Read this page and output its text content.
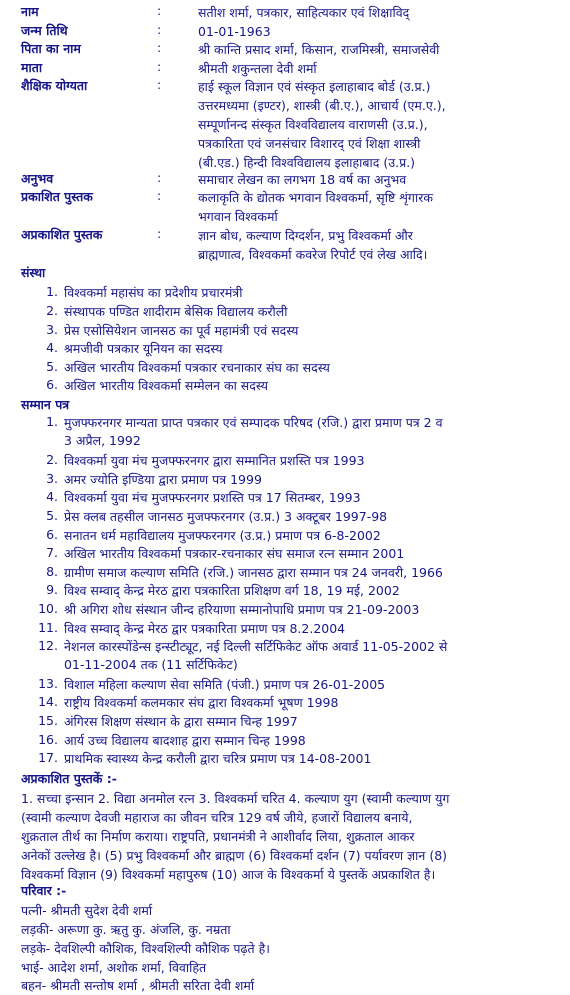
नाम	:	सतीश शर्मा, पत्रकार, साहित्यकार एवं शिक्षाविद्
जन्म तिथि	:	01-01-1963
पिता का नाम	:	श्री कान्ति प्रसाद शर्मा, किसान, राजमिस्त्री, समाजसेवी
माता	:	श्रीमती शकुन्तला देवी शर्मा
शैक्षिक योग्यता	:	हाई स्कूल विज्ञान एवं संस्कृत इलाहाबाद बोर्ड (उ.प्र.)
उत्तरमध्यमा (इण्टर), शास्त्री (बी.ए.), आचार्य (एम.ए.),
सम्पूर्णानन्द संस्कृत विश्वविद्यालय वाराणसी (उ.प्र.),
पत्रकारिता एवं जनसंचार विशारद् एवं शिक्षा शास्त्री
(बी.एड.) हिन्दी विश्वविद्यालय इलाहाबाद (उ.प्र.)
अनुभव	:	समाचार लेखन का लगभग 18 वर्ष का अनुभव
प्रकाशित पुस्तक	:	कलाकृति के द्योतक भगवान विश्वकर्मा, सृष्टि शृंगारक
भगवान विश्वकर्मा
अप्रकाशित पुस्तक	:	ज्ञान बोध, कल्याण दिग्दर्शन, प्रभु विश्वकर्मा और
ब्राह्मणात्व, विश्वकर्मा कवरेज रिपोर्ट एवं लेख आदि।
संस्था
1. विश्वकर्मा महासंघ का प्रदेशीय प्रचारमंत्री
2. संस्थापक पण्डित शादीराम बेसिक विद्यालय करौली
3. प्रेस एसोसियेशन जानसठ का पूर्व महामंत्री एवं सदस्य
4. श्रमजीवी पत्रकार यूनियन का सदस्य
5. अखिल भारतीय विश्वकर्मा पत्रकार रचनाकार संघ का सदस्य
6. अखिल भारतीय विश्वकर्मा सम्मेलन का सदस्य
सम्मान पत्र
1. मुजफ्फरनगर मान्यता प्राप्त पत्रकार एवं सम्पादक परिषद (रजि.) द्वारा प्रमाण पत्र 2 व
3 अप्रैल, 1992
2. विश्वकर्मा युवा मंच मुजफ्फरनगर द्वारा सम्मानित प्रशस्ति पत्र 1993
3. अमर ज्योति इण्डिया द्वारा प्रमाण पत्र 1999
4. विश्वकर्मा युवा मंच मुजफ्फरनगर प्रशस्ति पत्र 17 सितम्बर, 1993
5. प्रेस क्लब तहसील जानसठ मुजफ्फरनगर (उ.प्र.) 3 अक्टूबर 1997-98
6. सनातन धर्म महाविद्यालय मुजफ्फरनगर (उ.प्र.) प्रमाण पत्र 6-8-2002
7. अखिल भारतीय विश्वकर्मा पत्रकार-रचनाकार संघ समाज रत्न सम्मान 2001
8. ग्रामीण समाज कल्याण समिति (रजि.) जानसठ द्वारा सम्मान पत्र 24 जनवरी, 1966
9. विश्व सम्वाद् केन्द्र मेरठ द्वारा पत्रकारिता प्रशिक्षण वर्ग 18, 19 मई, 2002
10. श्री अगिरा शोध संस्थान जीन्द हरियाणा सम्मानोपाधि प्रमाण पत्र 21-09-2003
11. विश्व सम्वाद् केन्द्र मेरठ द्वार पत्रकारिता प्रमाण पत्र 8.2.2004
12. नेशनल कारस्पोंडेन्स इन्स्टीट्यूट, नई दिल्ली सर्टिफिकेट ऑफ अवार्ड 11-05-2002 से
01-11-2004 तक (11 सर्टिफिकेट)
13. विशाल महिला कल्याण सेवा समिति (पंजी.) प्रमाण पत्र 26-01-2005
14. राष्ट्रीय विश्वकर्मा कलमकार संघ द्वारा विश्वकर्मा भूषण 1998
15. अंगिरस शिक्षण संस्थान के द्वारा सम्मान चिन्ह 1997
16. आर्य उच्च विद्यालय बादशाह द्वारा सम्मान चिन्ह 1998
17. प्राथमिक स्वास्थ्य केन्द्र करौली द्वारा चरित्र प्रमाण पत्र 14-08-2001
अप्रकाशित पुस्तकें :-
1. सच्चा इन्सान 2. विद्या अनमोल रत्न 3. विश्वकर्मा चरित 4. कल्याण युग (स्वामी कल्याण युग
(स्वामी कल्याण देवजी महाराज का जीवन चरित्र 129 वर्ष जीये, हजारों विद्यालय बनाये,
शुक्रताल तीर्थ का निर्माण कराया। राष्ट्रपति, प्रधानमंत्री ने आशीर्वाद लिया, शुक्रताल आकर
अनेकों उल्लेख है। (5) प्रभु विश्वकर्मा और ब्राह्मण (6) विश्वकर्मा दर्शन (7) पर्यावरण ज्ञान (8)
विश्वकर्मा विज्ञान (9) विश्वकर्मा महापुरुष (10) आज के विश्वकर्मा ये पुस्तकें अप्रकाशित है।
परिवार :-
पत्नी- श्रीमती सुदेश देवी शर्मा
लड़की- अरूणा कु. ऋतु कु. अंजलि, कु. नम्रता
लड़के- देवशिल्पी कौशिक, विश्वशिल्पी कौशिक पढ़ते है।
भाई- आदेश शर्मा, अशोक शर्मा, विवाहित
बहन- श्रीमती सन्तोष शर्मा , श्रीमती सरिता देवी शर्मा
